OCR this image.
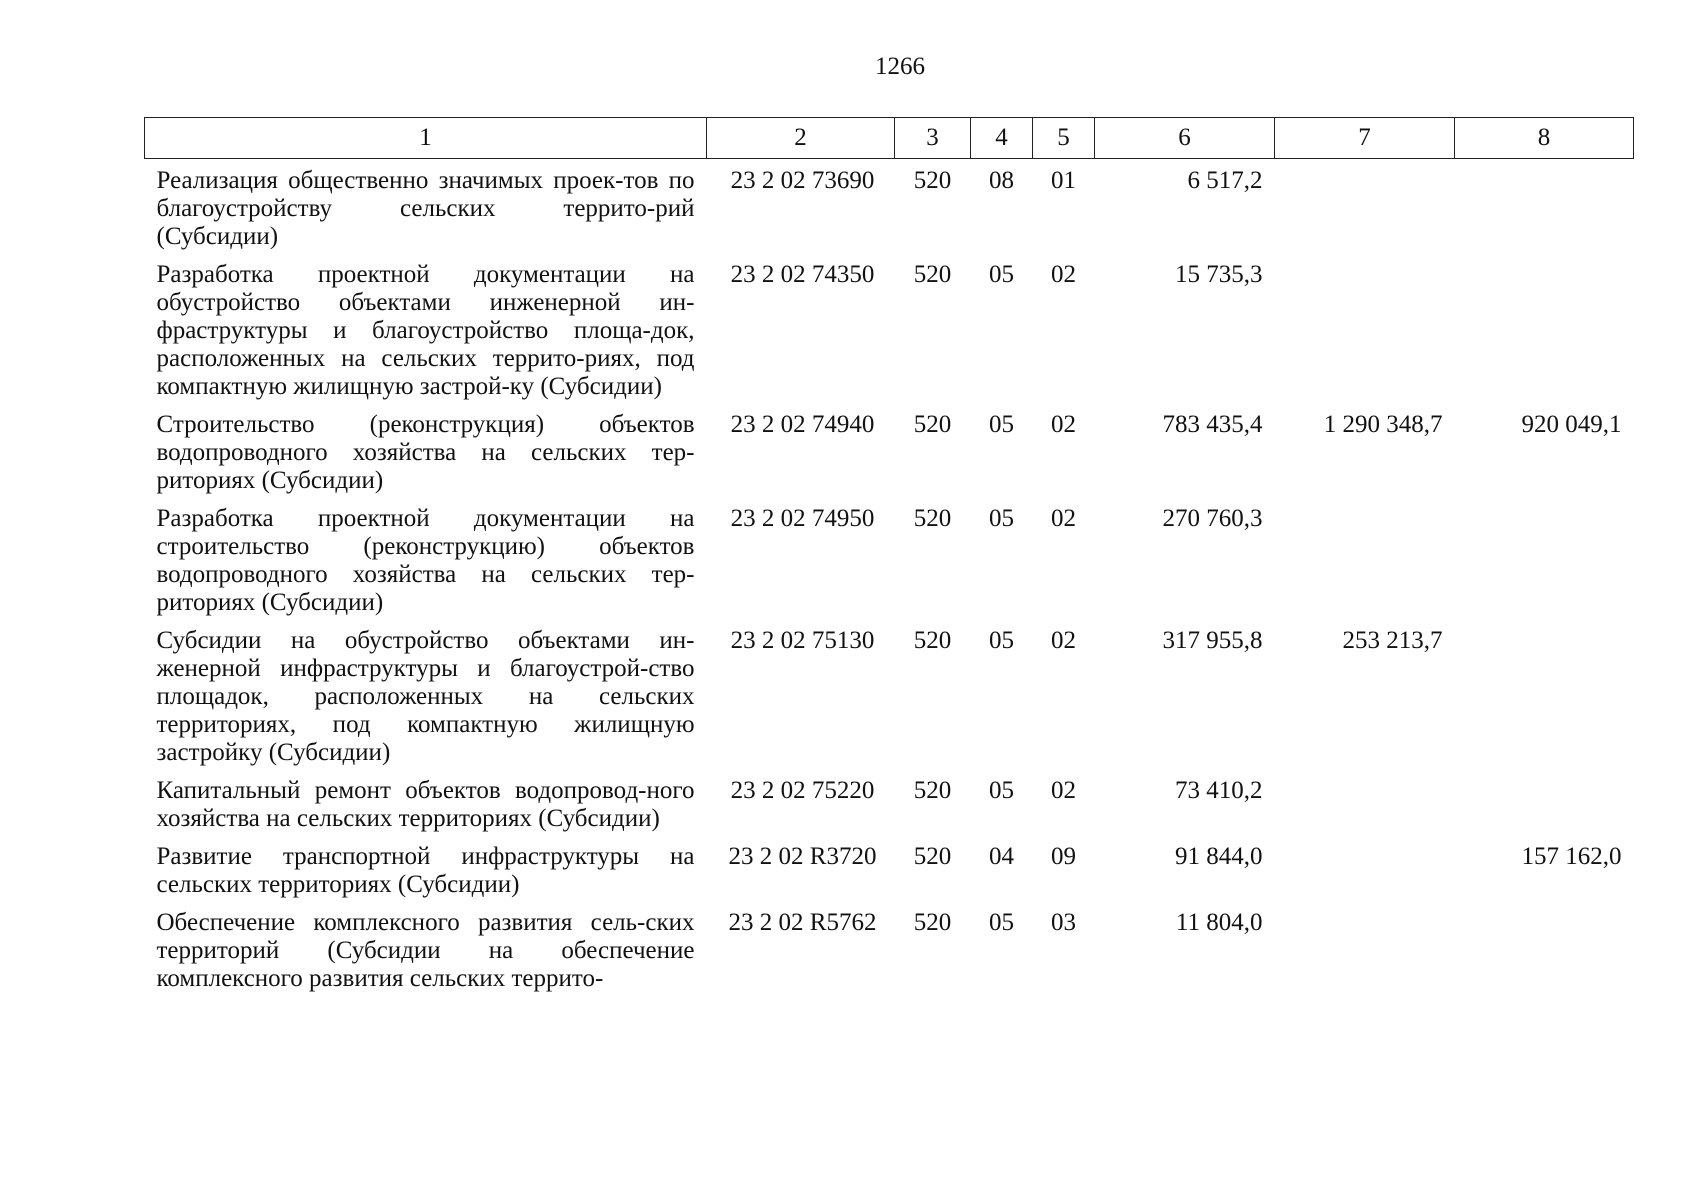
1266
1	2	3	4	5	6	7	8
Реализация общественно значимых проек-тов по благоустройству сельских террито-рий (Субсидии)	23 2 02 73690	520	08	01	6 517,2		
Разработка проектной документации на обустройство объектами инженерной ин-фраструктуры и благоустройство площа-док, расположенных на сельских террито-риях, под компактную жилищную застрой-ку (Субсидии)	23 2 02 74350	520	05	02	15 735,3		
Строительство (реконструкция) объектов водопроводного хозяйства на сельских тер-риториях (Субсидии)	23 2 02 74940	520	05	02	783 435,4	1 290 348,7	920 049,1
Разработка проектной документации на строительство (реконструкцию) объектов водопроводного хозяйства на сельских тер-риториях (Субсидии)	23 2 02 74950	520	05	02	270 760,3		
Субсидии на обустройство объектами ин-женерной инфраструктуры и благоустрой-ство площадок, расположенных на сельских территориях, под компактную жилищную застройку (Субсидии)	23 2 02 75130	520	05	02	317 955,8	253 213,7	
Капитальный ремонт объектов водопровод-ного хозяйства на сельских территориях (Субсидии)	23 2 02 75220	520	05	02	73 410,2		
Развитие транспортной инфраструктуры на сельских территориях (Субсидии)	23 2 02 R3720	520	04	09	91 844,0		157 162,0
Обеспечение комплексного развития сель-ских территорий (Субсидии на обеспечение комплексного развития сельских террито-	23 2 02 R5762	520	05	03	11 804,0		
